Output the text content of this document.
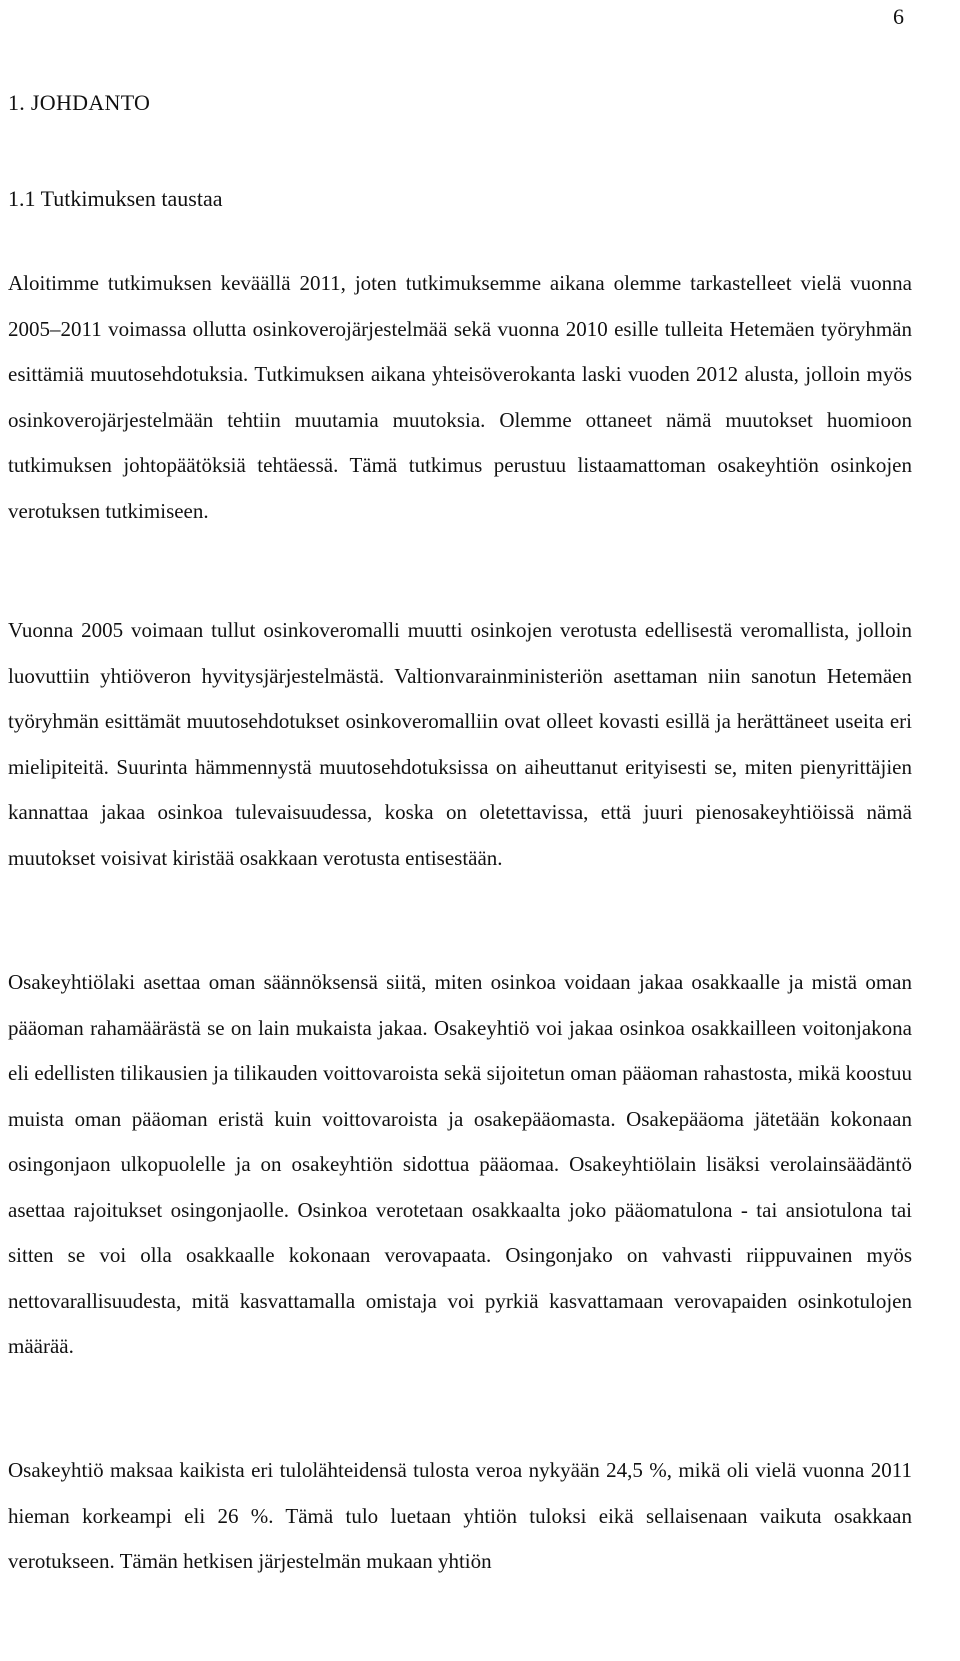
6
1. JOHDANTO
1.1 Tutkimuksen taustaa

Aloitimme tutkimuksen keväällä 2011, joten tutkimuksemme aikana olemme tarkastelleet vielä vuonna 2005–2011 voimassa ollutta osinkoverojärjestelmää sekä vuonna 2010 esille tulleita Hetemäen työryhmän esittämiä muutosehdotuksia. Tutkimuksen aikana yhteisöverokanta laski vuoden 2012 alusta, jolloin myös osinkoverojärjestelmään tehtiin muutamia muutoksia. Olemme ottaneet nämä muutokset huomioon tutkimuksen johtopäätöksiä tehtäessä. Tämä tutkimus perustuu listaamattoman osakeyhtiön osinkojen verotuksen tutkimiseen.

Vuonna 2005 voimaan tullut osinkoveromalli muutti osinkojen verotusta edellisestä veromallista, jolloin luovuttiin yhtiöveron hyvitysjärjestelmästä. Valtionvarainministeriön asettaman niin sanotun Hetemäen työryhmän esittämät muutosehdotukset osinkoveromalliin ovat olleet kovasti esillä ja herättäneet useita eri mielipiteitä. Suurinta hämmennystä muutosehdotuksissa on aiheuttanut erityisesti se, miten pienyrittäjien kannattaa jakaa osinkoa tulevaisuudessa, koska on oletettavissa, että juuri pienosakeyhtiöissä nämä muutokset voisivat kiristää osakkaan verotusta entisestään.

Osakeyhtiölaki asettaa oman säännöksensä siitä, miten osinkoa voidaan jakaa osakkaalle ja mistä oman pääoman rahamäärästä se on lain mukaista jakaa. Osakeyhtiö voi jakaa osinkoa osakkailleen voitonjakona eli edellisten tilikausien ja tilikauden voittovaroista sekä sijoitetun oman pääoman rahastosta, mikä koostuu muista oman pääoman eristä kuin voittovaroista ja osakepääomasta. Osakepääoma jätetään kokonaan osingonjaon ulkopuolelle ja on osakeyhtiön sidottua pääomaa. Osakeyhtiölain lisäksi verolainsäädäntö asettaa rajoitukset osingonjaolle. Osinkoa verotetaan osakkaalta joko pääomatulona - tai ansiotulona tai sitten se voi olla osakkaalle kokonaan verovapaata. Osingonjako on vahvasti riippuvainen myös nettovarallisuudesta, mitä kasvattamalla omistaja voi pyrkiä kasvattamaan verovapaiden osinkotulojen määrää.

Osakeyhtiö maksaa kaikista eri tulolähteidensä tulosta veroa nykyään 24,5 %, mikä oli vielä vuonna 2011 hieman korkeampi eli 26 %. Tämä tulo luetaan yhtiön tuloksi eikä sellaisenaan vaikuta osakkaan verotukseen. Tämän hetkisen järjestelmän mukaan yhtiön
